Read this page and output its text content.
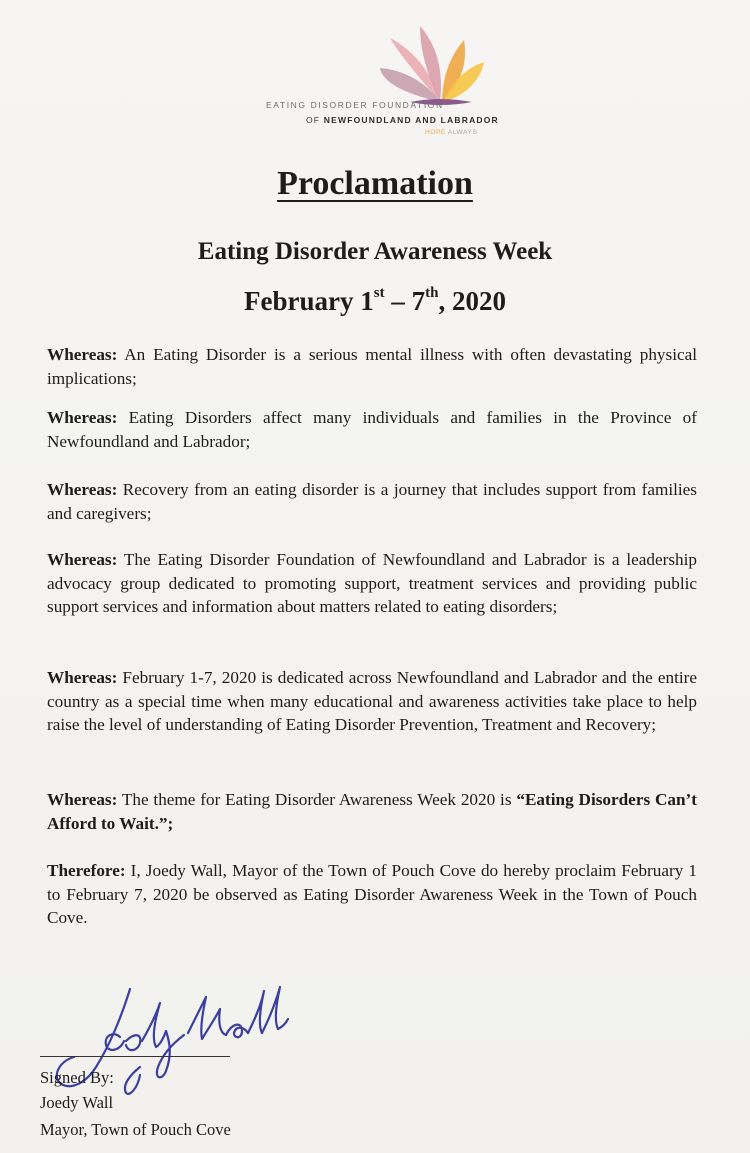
EATING DISORDER FOUNDATION
OF NEWFOUNDLAND AND LABRADOR
HOPE ALWAYS
Proclamation
Eating Disorder Awareness Week
February 1st – 7th, 2020
Whereas: An Eating Disorder is a serious mental illness with often devastating physical implications;
Whereas: Eating Disorders affect many individuals and families in the Province of Newfoundland and Labrador;
Whereas: Recovery from an eating disorder is a journey that includes support from families and caregivers;
Whereas: The Eating Disorder Foundation of Newfoundland and Labrador is a leadership advocacy group dedicated to promoting support, treatment services and providing public support services and information about matters related to eating disorders;
Whereas: February 1-7, 2020 is dedicated across Newfoundland and Labrador and the entire country as a special time when many educational and awareness activities take place to help raise the level of understanding of Eating Disorder Prevention, Treatment and Recovery;
Whereas: The theme for Eating Disorder Awareness Week 2020 is “Eating Disorders Can’t Afford to Wait.”;
Therefore: I, Joedy Wall, Mayor of the Town of Pouch Cove do hereby proclaim February 1 to February 7, 2020 be observed as Eating Disorder Awareness Week in the Town of Pouch Cove.
Signed By:
Joedy Wall
Mayor, Town of Pouch Cove
